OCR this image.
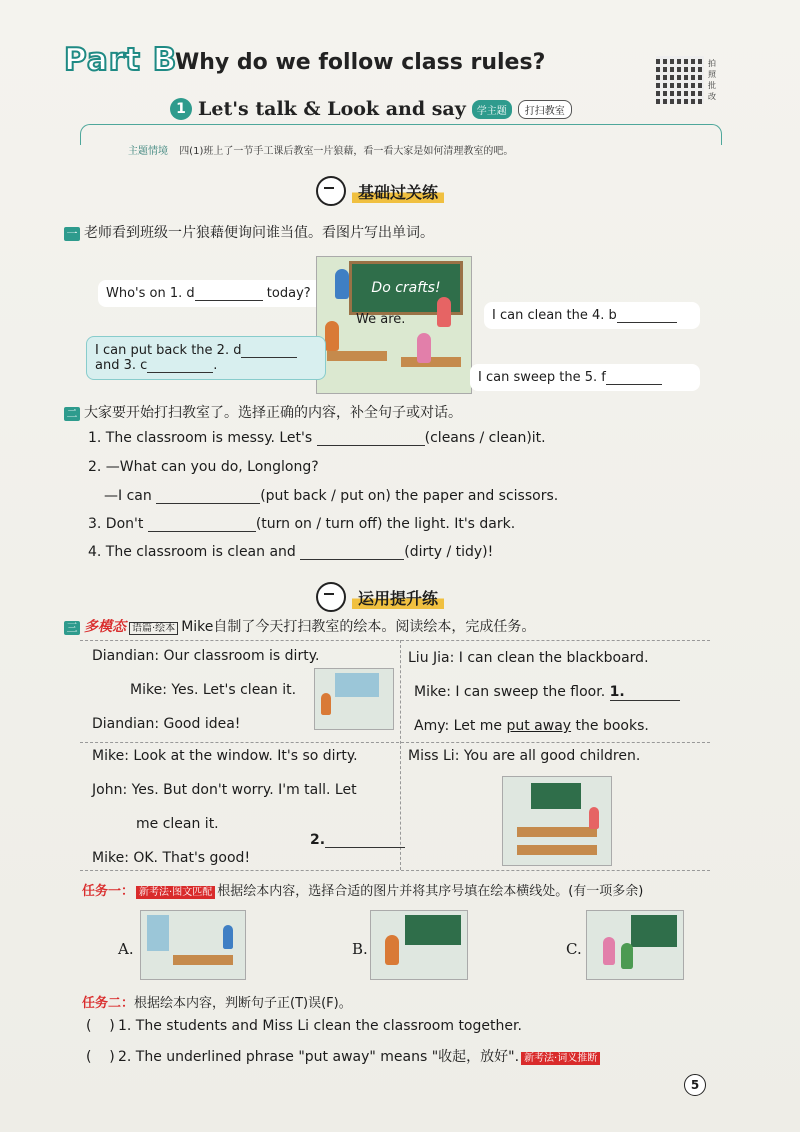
Part B
Why do we follow class rules?	拍照批改
1 Let's talk & Look and say	学主题	打扫教室
主题情境 四(1)班上了一节手工课后教室一片狼藉，看一看大家是如何清理教室的吧。
基础过关练
一 老师看到班级一片狼藉便询问谁当值。看图片写出单词。
Who's on 1. d	today?	Do crafts!
We are.	I can clean the 4. b
I can put back the 2. d
and 3. c	.
I can sweep the 5. f
二 大家要开始打扫教室了。选择正确的内容，补全句子或对话。
1. The classroom is messy. Let's	(cleans / clean)it.
2. —What can you do, Longlong?
—I can	(put back / put on) the paper and scissors.
3. Don't	(turn on / turn off) the light. It's dark.
4. The classroom is clean and	(dirty / tidy)!
运用提升练
三 多模态 语篇·绘本 Mike自制了今天打扫教室的绘本。阅读绘本，完成任务。
Diandian: Our classroom is dirty.
Mike: Yes. Let's clean it.
Diandian: Good idea!
Mike: Look at the window. It's so dirty.
John: Yes. But don't worry. I'm tall. Let
me clean it.
Mike: OK. That's good!
2.
Liu Jia: I can clean the blackboard.
Mike: I can sweep the floor. 1.
Amy: Let me put away the books.
Miss Li: You are all good children.
任务一： 新考法·图文匹配 根据绘本内容，选择合适的图片并将其序号填在绘本横线处。(有一项多余)
A.	B.	C.
任务二：根据绘本内容，判断句子正(T)误(F)。
(    ) 1. The students and Miss Li clean the classroom together.
(    ) 2. The underlined phrase "put away" means "收起，放好". 新考法·词义推断
5
